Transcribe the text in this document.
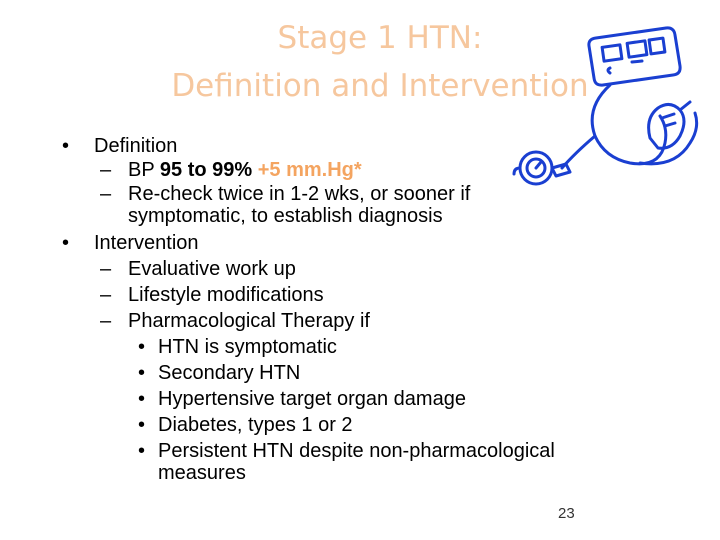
Stage 1 HTN:
Definition and Intervention
• Definition
– BP 95 to 99% +5 mm.Hg*
– Re-check twice in 1-2 wks, or sooner if
symptomatic, to establish diagnosis
• Intervention
– Evaluative work up
– Lifestyle modifications
– Pharmacological Therapy if
• HTN is symptomatic
• Secondary HTN
• Hypertensive target organ damage
• Diabetes, types 1 or 2
• Persistent HTN despite non-pharmacological
measures
23
